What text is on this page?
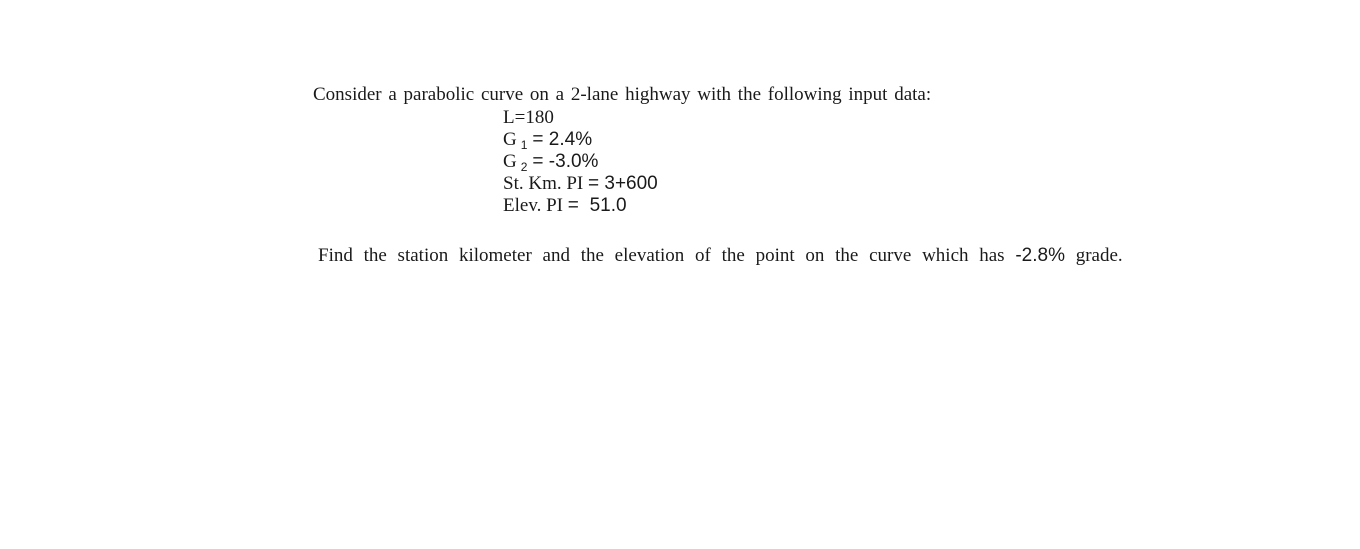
Consider a parabolic curve on a 2-lane highway with the following input data:
L=180
G $_1$ = 2.4%
G $_2$ = -3.0%
St. Km. PI = 3+600
Elev. PI = 51.0
Find the station kilometer and the elevation of the point on the curve which has -2.8% grade.
